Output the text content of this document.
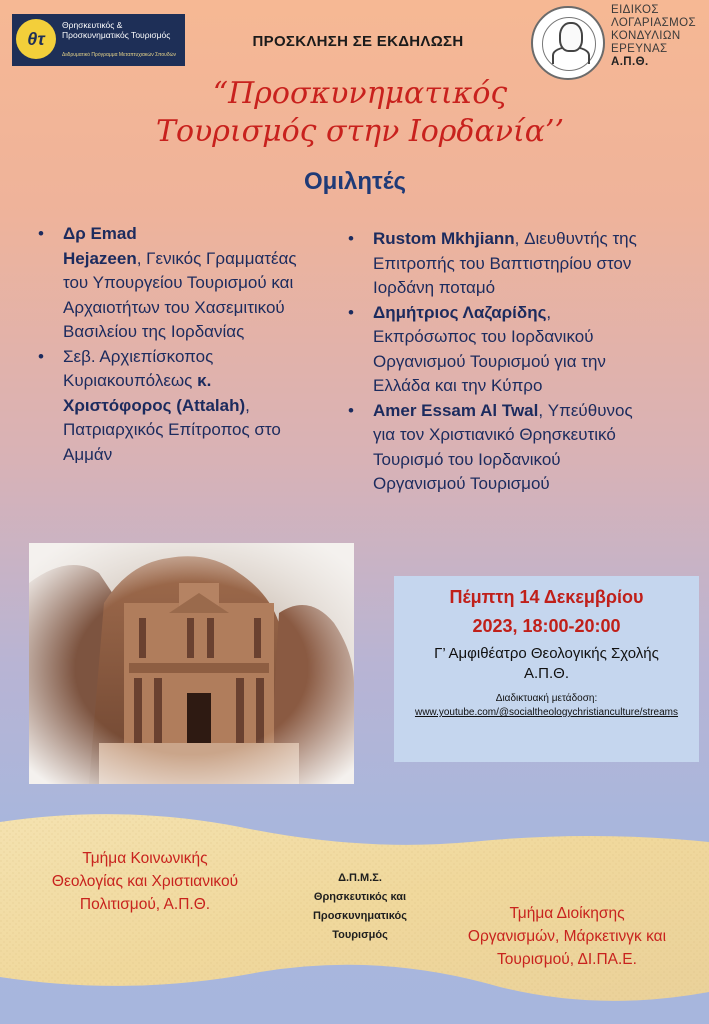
θτ
Θρησκευτικός & Προσκυνηματικός Τουρισμός
Διιδρυματικό Πρόγραμμα Μεταπτυχιακών Σπουδών
ΠΡΟΣΚΛΗΣΗ ΣΕ ΕΚΔΗΛΩΣΗ
ΕΙΔΙΚΟΣ
ΛΟΓΑΡΙΑΣΜΟΣ
ΚΟΝΔΥΛΙΩΝ
ΕΡΕΥΝΑΣ
Α.Π.Θ.
“Προσκυνηματικός
Τουρισμός στην Ιορδανία’’
Ομιλητές
• Δρ Emad
Hejazeen, Γενικός Γραμματέας του Υπουργείου Τουρισμού και Αρχαιοτήτων του Χασεμιτικού Βασιλείου της Ιορδανίας
• Σεβ. Αρχιεπίσκοπος Κυριακουπόλεως κ. Χριστόφορος (Attalah), Πατριαρχικός Επίτροπος στο Αμμάν
• Rustom Mkhjiann, Διευθυντής της Επιτροπής του Βαπτιστηρίου στον Ιορδάνη ποταμό
• Δημήτριος Λαζαρίδης, Εκπρόσωπος του Ιορδανικού Οργανισμού Τουρισμού για την Ελλάδα και την Κύπρο
• Amer Essam Al Twal, Υπεύθυνος για τον Χριστιανικό Θρησκευτικό Τουρισμό του Ιορδανικού Οργανισμού Τουρισμού
Πέμπτη 14 Δεκεμβρίου
2023, 18:00-20:00
Γ’ Αμφιθέατρο Θεολογικής Σχολής
Α.Π.Θ.
Διαδικτυακή μετάδοση:
www.youtube.com/@socialtheologychristianculture/streams
Τμήμα Κοινωνικής Θεολογίας και Χριστιανικού Πολιτισμού, Α.Π.Θ.
Δ.Π.Μ.Σ.
Θρησκευτικός και Προσκυνηματικός Τουρισμός
Τμήμα Διοίκησης Οργανισμών, Μάρκετινγκ και Τουρισμού, ΔΙ.ΠΑ.Ε.
